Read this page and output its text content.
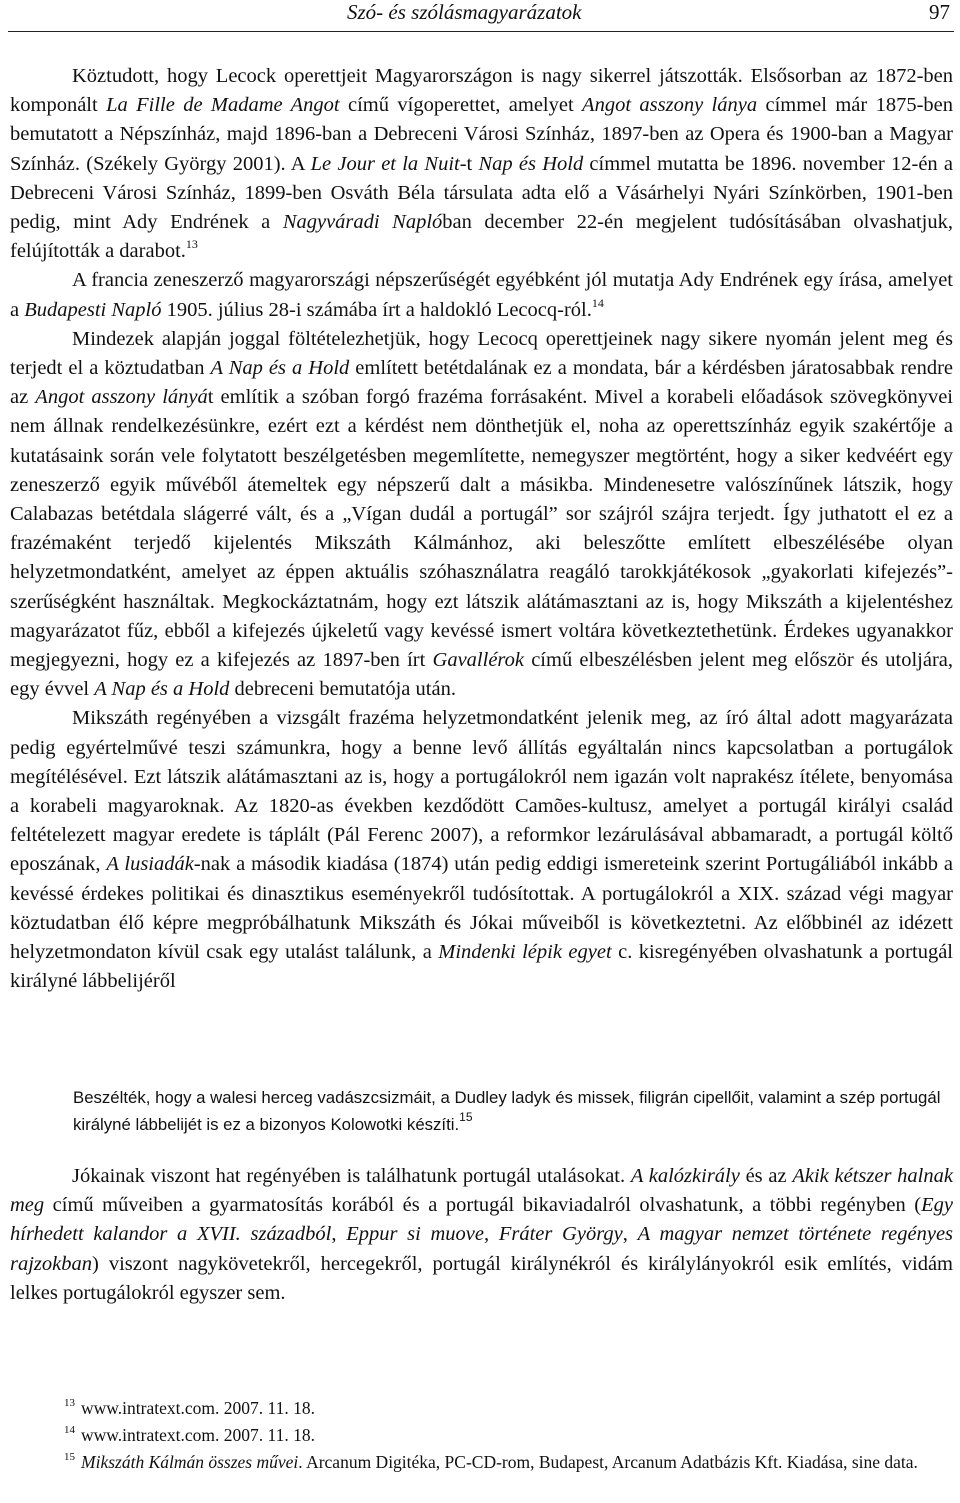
Szó- és szólásmagyarázatok	97

Köztudott, hogy Lecock operettjeit Magyarországon is nagy sikerrel játszották. Elsősorban az 1872-ben komponált La Fille de Madame Angot című vígoperettet, amelyet Angot asszony lánya címmel már 1875-ben bemutatott a Népszínház, majd 1896-ban a Debreceni Városi Színház, 1897-ben az Opera és 1900-ban a Magyar Színház. (Székely György 2001). A Le Jour et la Nuit-t Nap és Hold címmel mutatta be 1896. november 12-én a Debreceni Városi Színház, 1899-ben Osváth Béla társulata adta elő a Vásárhelyi Nyári Színkörben, 1901-ben pedig, mint Ady Endrének a Nagyváradi Naplóban december 22-én megjelent tudósításában olvashatjuk, felújították a darabot.$^{13}$

A francia zeneszerző magyarországi népszerűségét egyébként jól mutatja Ady Endrének egy írása, amelyet a Budapesti Napló 1905. július 28-i számába írt a haldokló Lecocq-ról.$^{14}$

Mindezek alapján joggal föltételezhetjük, hogy Lecocq operettjeinek nagy sikere nyomán jelent meg és terjedt el a köztudatban A Nap és a Hold említett betétdalának ez a mondata, bár a kérdésben járatosabbak rendre az Angot asszony lányát említik a szóban forgó frazéma forrásaként. Mivel a korabeli előadások szövegkönyvei nem állnak rendelkezésünkre, ezért ezt a kérdést nem dönthetjük el, noha az operettszínház egyik szakértője a kutatásaink során vele folytatott beszélgetésben megemlítette, nemegyszer megtörtént, hogy a siker kedvéért egy zeneszerző egyik művéből átemeltek egy népszerű dalt a másikba. Mindenesetre valószínűnek látszik, hogy Calabazas betétdala slágerré vált, és a „Vígan dudál a portugál” sor szájról szájra terjedt. Így juthatott el ez a frazémaként terjedő kijelentés Mikszáth Kálmánhoz, aki beleszőtte említett elbeszélésébe olyan helyzetmondatként, amelyet az éppen aktuális szóhasználatra reagáló tarokkjátékosok „gyakorlati kifejezés”-szerűségként használtak. Megkockáztatnám, hogy ezt látszik alátámasztani az is, hogy Mikszáth a kijelentéshez magyarázatot fűz, ebből a kifejezés újkeletű vagy kevéssé ismert voltára következtethetünk. Érdekes ugyanakkor megjegyezni, hogy ez a kifejezés az 1897-ben írt Gavallérok című elbeszélésben jelent meg először és utoljára, egy évvel A Nap és a Hold debreceni bemutatója után.

Mikszáth regényében a vizsgált frazéma helyzetmondatként jelenik meg, az író által adott magyarázata pedig egyértelművé teszi számunkra, hogy a benne levő állítás egyáltalán nincs kapcsolatban a portugálok megítélésével. Ezt látszik alátámasztani az is, hogy a portugálokról nem igazán volt naprakész ítélete, benyomása a korabeli magyaroknak. Az 1820-as években kezdődött Camões-kultusz, amelyet a portugál királyi család feltételezett magyar eredete is táplált (Pál Ferenc 2007), a reformkor lezárulásával abbamaradt, a portugál költő eposzának, A lusiadák-nak a második kiadása (1874) után pedig eddigi ismereteink szerint Portugáliából inkább a kevéssé érdekes politikai és dinasztikus eseményekről tudósítottak. A portugálokról a XIX. század végi magyar köztudatban élő képre megpróbálhatunk Mikszáth és Jókai műveiből is következtetni. Az előbbinél az idézett helyzetmondaton kívül csak egy utalást találunk, a Mindenki lépik egyet c. kisregényében olvashatunk a portugál királyné lábbelijéről

Beszélték, hogy a walesi herceg vadászcsizmáit, a Dudley ladyk és missek, filigrán cipellőit, valamint a szép portugál királyné lábbelijét is ez a bizonyos Kolowotki készíti.$^{15}$

Jókainak viszont hat regényében is találhatunk portugál utalásokat. A kalózkirály és az Akik kétszer halnak meg című műveiben a gyarmatosítás korából és a portugál bikaviadalról olvashatunk, a többi regényben (Egy hírhedett kalandor a XVII. századból, Eppur si muove, Fráter György, A magyar nemzet története regényes rajzokban) viszont nagykövetekről, hercegekről, portugál királynékról és királylányokról esik említés, vidám lelkes portugálokról egyszer sem.

$^{13}$ www.intratext.com. 2007. 11. 18.

$^{14}$ www.intratext.com. 2007. 11. 18.

$^{15}$ Mikszáth Kálmán összes művei. Arcanum Digitéka, PC-CD-rom, Budapest, Arcanum Adatbázis Kft. Kiadása, sine data.
